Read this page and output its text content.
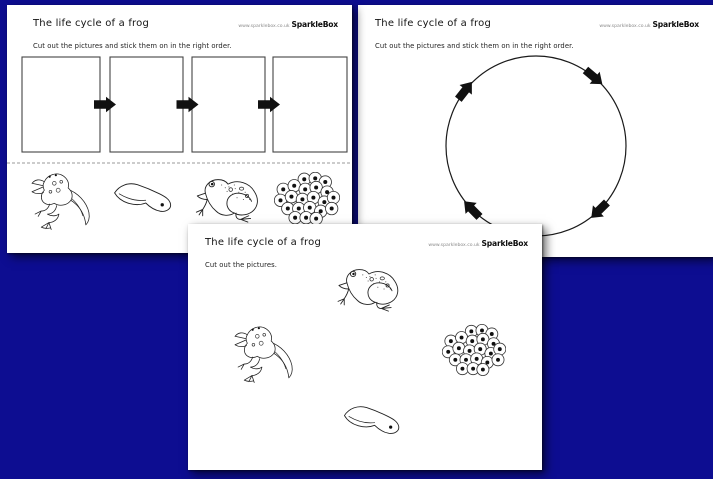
The life cycle of a frog	www.sparklebox.co.uk SparkleBox
Cut out the pictures and stick them on in the right order.
The life cycle of a frog	www.sparklebox.co.uk SparkleBox
Cut out the pictures and stick them on in the right order.
The life cycle of a frog	www.sparklebox.co.uk SparkleBox
Cut out the pictures.
